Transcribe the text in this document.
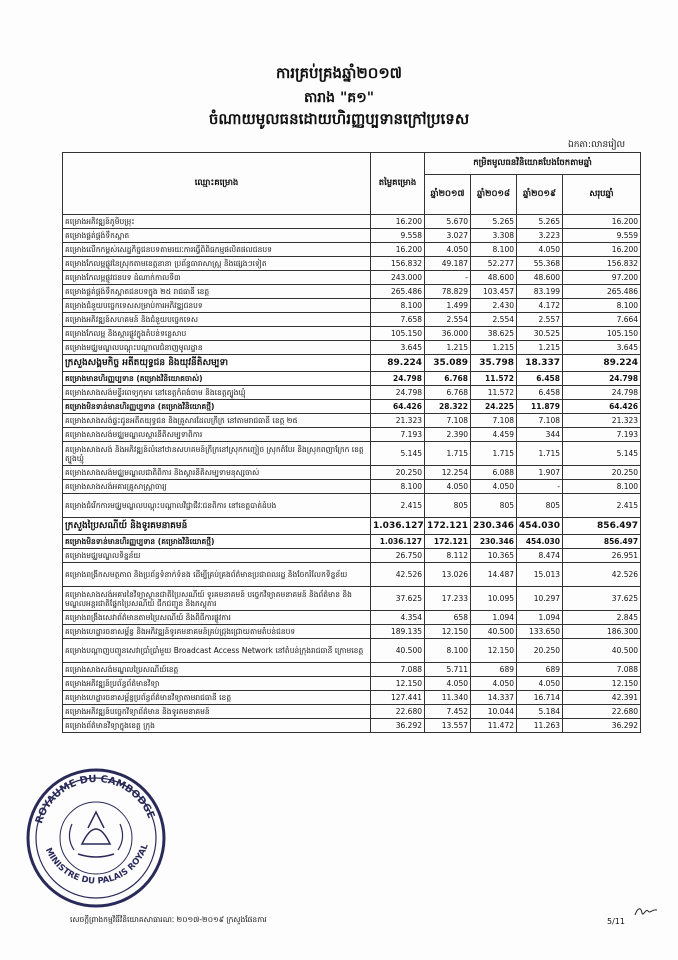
ការគ្រប់គ្រងឆ្នាំ២០១៧
តារាង "គ១"
ចំណាយមូលធនដោយហិរញ្ញប្បទានក្រៅប្រទេស
ឯកតា:លានរៀល
ឈ្មោះគម្រោង	តម្លៃគម្រោង	កម្រិតមូលធនវិនិយោគបែងចែកតាមឆ្នាំ			
		ឆ្នាំ២០១៧	ឆ្នាំ២០១៨	ឆ្នាំ២០១៩	សរុបឆ្នាំ
គម្រោងអភិវឌ្ឍន៍ភូមិបម្រុះ	16.200	5.670	5.265	5.265	16.200
គម្រោងផ្គត់ផ្គង់ទឹកស្អាត	9.558	3.027	3.308	3.223	9.559
គម្រោងលើកកម្ពស់សេដ្ឋកិច្ចជនបទតាមរយៈការធ្វើពិពិធកម្មផលិតផលជនបទ	16.200	4.050	8.100	4.050	16.200
គម្រោងកែលម្អផ្លូវនៃស្រុកតាមខេត្តនានា ប្រព័ន្ធធារាសាស្ត្រ និងផ្សេងៗទៀត	156.832	49.187	52.277	55.368	156.832
គម្រោងកែលម្អផ្លូវជនបទ ដំណាក់កាលទី៣	243.000	-	48.600	48.600	97.200
គម្រោងផ្គត់ផ្គង់ទឹកស្អាតជនបទក្នុង ២៥ រាជធានី ខេត្ត	265.486	78.829	103.457	83.199	265.486
គម្រោងជំនួយបច្ចេកទេសសម្រាប់ការអភិវឌ្ឍជនបទ	8.100	1.499	2.430	4.172	8.100
គម្រោងអភិវឌ្ឍន៍សហគមន៍ និងជំនួយបច្ចេកទេស	7.658	2.554	2.554	2.557	7.664
គម្រោងកែលម្អ និងស្តារផ្លូវក្នុងតំបន់ទន្លេសាប	105.150	36.000	38.625	30.525	105.150
គម្រោងមជ្ឈមណ្ឌលបណ្តុះបណ្តាលជំនាញមូលដ្ឋាន	3.645	1.215	1.215	1.215	3.645
ក្រសួងសង្គមកិច្ច អតីតយុទ្ធជន និងយុវនីតិសម្បទា	89.224	35.089	35.798	18.337	89.224
គម្រោងមានហិរញ្ញប្បទាន (គម្រោងវិនិយោគចាស់)	24.798	6.768	11.572	6.458	24.798
គម្រោងសាងសង់មន្ទីរពេទ្យកុមារ នៅខេត្តកំពង់ចាម និងខេត្តត្បូងឃ្មុំ	24.798	6.768	11.572	6.458	24.798
គម្រោងមិនទាន់មានហិរញ្ញប្បទាន (គម្រោងវិនិយោគថ្មី)	64.426	28.322	24.225	11.879	64.426
គម្រោងសាងសង់ផ្ទះជូនអតីតយុទ្ធជន និងគ្រួសារដែលក្រីក្រ នៅតាមរាជធានី ខេត្ត ២៥	21.323	7.108	7.108	7.108	21.323
គម្រោងសាងសង់មជ្ឈមណ្ឌលស្ដារនីតិសម្បទាពិការ	7.193	2.390	4.459	344	7.193
គម្រោងសាងសង់ និងអភិវឌ្ឍន៍លំនៅឋានសហគមន៍ក្រីក្រនៅស្រុកកញ្ជៀច ស្រុកតំបែរ និងស្រុកពញាក្រែក ខេត្តត្បូងឃ្មុំ	5.145	1.715	1.715	1.715	5.145
គម្រោងសាងសង់មជ្ឈមណ្ឌលជាតិពិការ និងស្តារនីតិសម្បទាមនុស្សចាស់	20.250	12.254	6.088	1.907	20.250
គម្រោងសាងសង់អគារគ្រូសាស្ត្រាចារ្យ	8.100	4.050	4.050	-	8.100
គម្រោងជំរើកការមជ្ឈមណ្ឌលបណ្តុះបណ្តាលវិជ្ជាជីវៈជនពិការ នៅខេត្តបាត់ដំបង	2.415	805	805	805	2.415
ក្រសួងប្រៃសណីយ៍ និងទូរគមនាគមន៍	1.036.127	172.121	230.346	454.030	856.497
គម្រោងមិនទាន់មានហិរញ្ញប្បទាន (គម្រោងវិនិយោគថ្មី)	1.036.127	172.121	230.346	454.030	856.497
គម្រោងមជ្ឈមណ្ឌលទិន្នន័យ	26.750	8.112	10.365	8.474	26.951
គម្រោងពង្រីកសមត្ថភាព និងប្រព័ន្ធទំនាក់ទំនង ដើម្បីគ្រប់គ្រងព័ត៌មានប្រជាពលរដ្ឋ និងចែករំលែកទិន្នន័យ	42.526	13.026	14.487	15.013	42.526
គម្រោងសាងសង់អគារនៃវិទ្យាស្ថានជាតិប្រៃសណីយ៍ ទូរគមនាគមន៍ បច្ចេកវិទ្យាគមនាគមន៍ និងព័ត៌មាន និងមណ្ឌលអន្តរជាតិផ្នែកប្រៃសណីយ៍ ជីកជញ្ជូន និងភស្តុភារ	37.625	17.233	10.095	10.297	37.625
គម្រោងពង្រឹងសេវាព័ត៌មានតាមប្រៃសណីយ៍ និងពិធីការផ្លូវការ	4.354	658	1.094	1.094	2.845
គម្រោងហេដ្ឋារចនាសម្ព័ន្ធ និងអភិវឌ្ឍន៍ទូរគមនាគមន៍គ្រប់ជ្រុងជ្រោយតាមតំបន់ជនបទ	189.135	12.150	40.500	133.650	186.300
គម្រោងបណ្តាញបញ្ជូនសេវាប្រាំប្រាំមួយ Broadcast Access Network នៅតំបន់ក្រុងរាជធានី ក្រោមខេត្ត	40.500	8.100	12.150	20.250	40.500
គម្រោងសាងសង់មណ្ឌលប្រៃសណីយ៍ខេត្ត	7.088	5.711	689	689	7.088
គម្រោងអភិវឌ្ឍន៍ប្រព័ន្ធព័ត៌មានវិទ្យា	12.150	4.050	4.050	4.050	12.150
គម្រោងហេដ្ឋារចនាសម្ព័ន្ធប្រព័ន្ធព័ត៌មានវិទ្យាតាមរាជធានី ខេត្ត	127.441	11.340	14.337	16.714	42.391
គម្រោងអភិវឌ្ឍន៍បច្ចេកវិទ្យាព័ត៌មាន និងទូរគមនាគមន៍	22.680	7.452	10.044	5.184	22.680
គម្រោងព័ត៌មានវិទ្យាក្នុងខេត្ត ក្រុង	36.292	13.557	11.472	11.263	36.292
ROYAUME DU CAMBODGE
MINISTRE DU PALAIS ROYAL
សេចក្តីព្រាងកម្មវិធីវិនិយោគសាធារណៈ ២០១៧-២០១៩ ក្រសួងផែនការ	5/11
